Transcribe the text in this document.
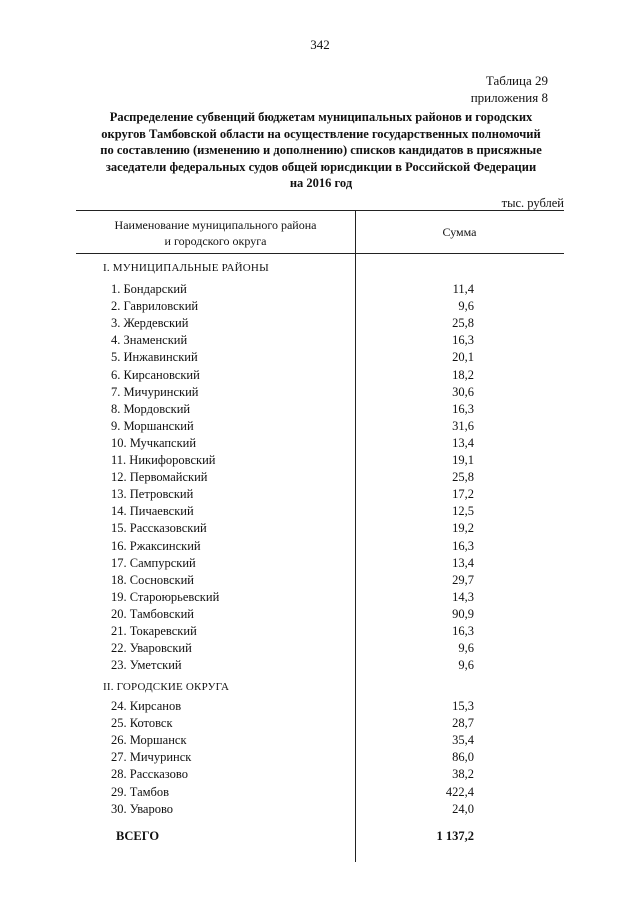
342
Таблица 29
приложения 8
Распределение субвенций бюджетам муниципальных районов и городских
округов Тамбовской области на осуществление государственных полномочий
по составлению (изменению и дополнению) списков кандидатов в присяжные
заседатели федеральных судов общей юрисдикции в Российской Федерации
на 2016 год
тыс. рублей
Наименование муниципального района
и городского округа
Сумма
I. МУНИЦИПАЛЬНЫЕ РАЙОНЫ
II. ГОРОДСКИЕ ОКРУГА
1. Бондарский	11,4
2. Гавриловский	9,6
3. Жердевский	25,8
4. Знаменский	16,3
5. Инжавинский	20,1
6. Кирсановский	18,2
7. Мичуринский	30,6
8. Мордовский	16,3
9. Моршанский	31,6
10. Мучкапский	13,4
11. Никифоровский	19,1
12. Первомайский	25,8
13. Петровский	17,2
14. Пичаевский	12,5
15. Рассказовский	19,2
16. Ржаксинский	16,3
17. Сампурский	13,4
18. Сосновский	29,7
19. Староюрьевский	14,3
20. Тамбовский	90,9
21. Токаревский	16,3
22. Уваровский	9,6
23. Уметский	9,6
24. Кирсанов	15,3
25. Котовск	28,7
26. Моршанск	35,4
27. Мичуринск	86,0
28. Рассказово	38,2
29. Тамбов	422,4
30. Уварово	24,0
ВСЕГО	1 137,2
